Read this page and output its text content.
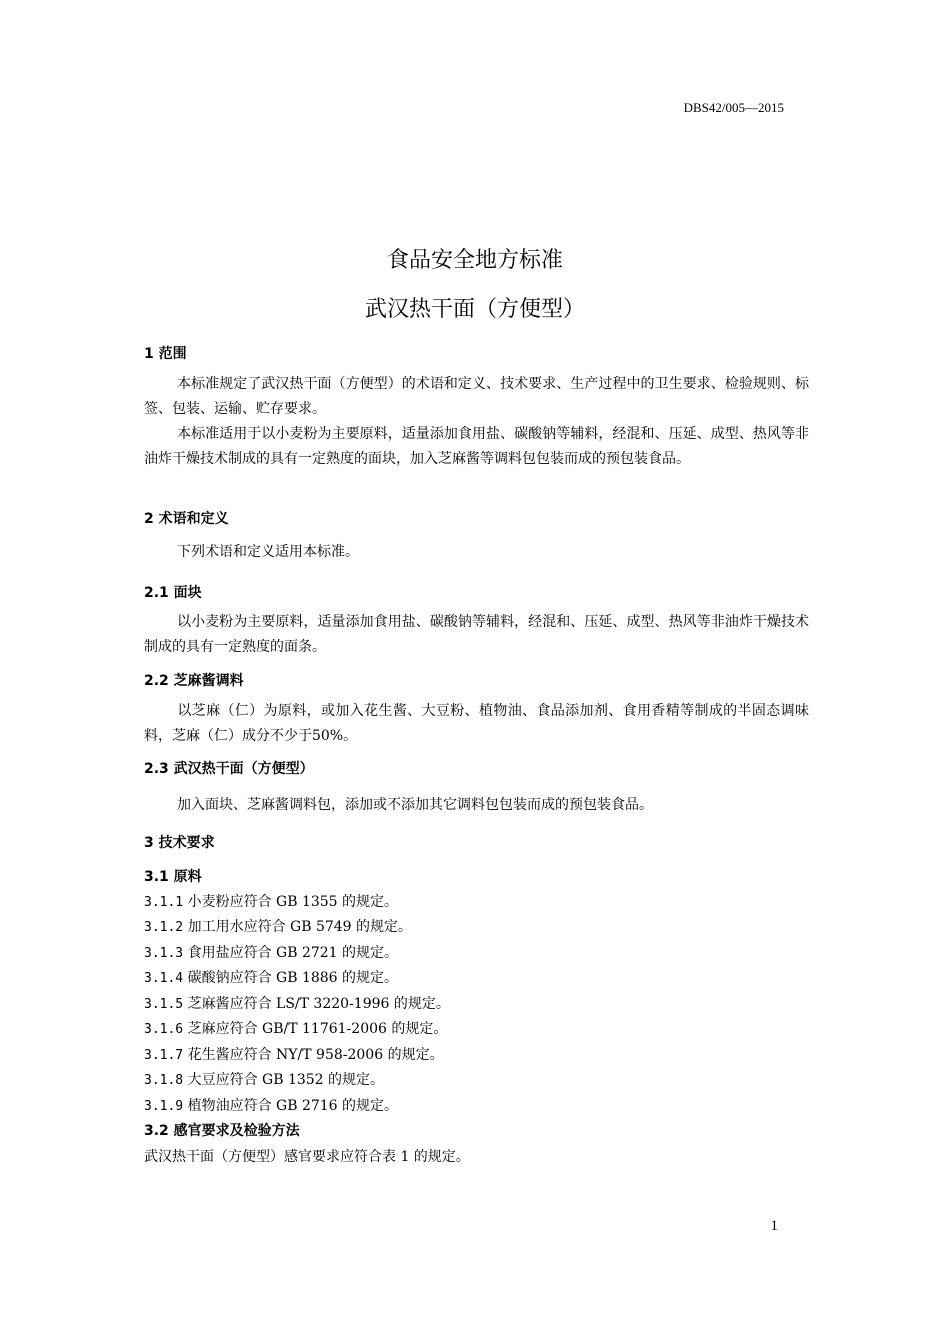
DBS42/005—2015
食品安全地方标准
武汉热干面（方便型）
1 范围
本标准规定了武汉热干面（方便型）的术语和定义、技术要求、生产过程中的卫生要求、检验规则、标签、包装、运输、贮存要求。
本标准适用于以小麦粉为主要原料，适量添加食用盐、碳酸钠等辅料，经混和、压延、成型、热风等非油炸干燥技术制成的具有一定熟度的面块，加入芝麻酱等调料包包装而成的预包装食品。
2 术语和定义
下列术语和定义适用本标准。
2.1 面块
以小麦粉为主要原料，适量添加食用盐、碳酸钠等辅料，经混和、压延、成型、热风等非油炸干燥技术制成的具有一定熟度的面条。
2.2 芝麻酱调料
以芝麻（仁）为原料，或加入花生酱、大豆粉、植物油、食品添加剂、食用香精等制成的半固态调味料，芝麻（仁）成分不少于50%。
2.3 武汉热干面（方便型）
加入面块、芝麻酱调料包，添加或不添加其它调料包包装而成的预包装食品。
3 技术要求
3.1 原料
3.1.1 小麦粉应符合 GB 1355 的规定。
3.1.2 加工用水应符合 GB 5749 的规定。
3.1.3 食用盐应符合 GB 2721 的规定。
3.1.4 碳酸钠应符合 GB 1886 的规定。
3.1.5 芝麻酱应符合 LS/T 3220-1996 的规定。
3.1.6 芝麻应符合 GB/T 11761-2006 的规定。
3.1.7 花生酱应符合 NY/T 958-2006 的规定。
3.1.8 大豆应符合 GB 1352 的规定。
3.1.9 植物油应符合 GB 2716 的规定。
3.2 感官要求及检验方法
武汉热干面（方便型）感官要求应符合表 1 的规定。
1
